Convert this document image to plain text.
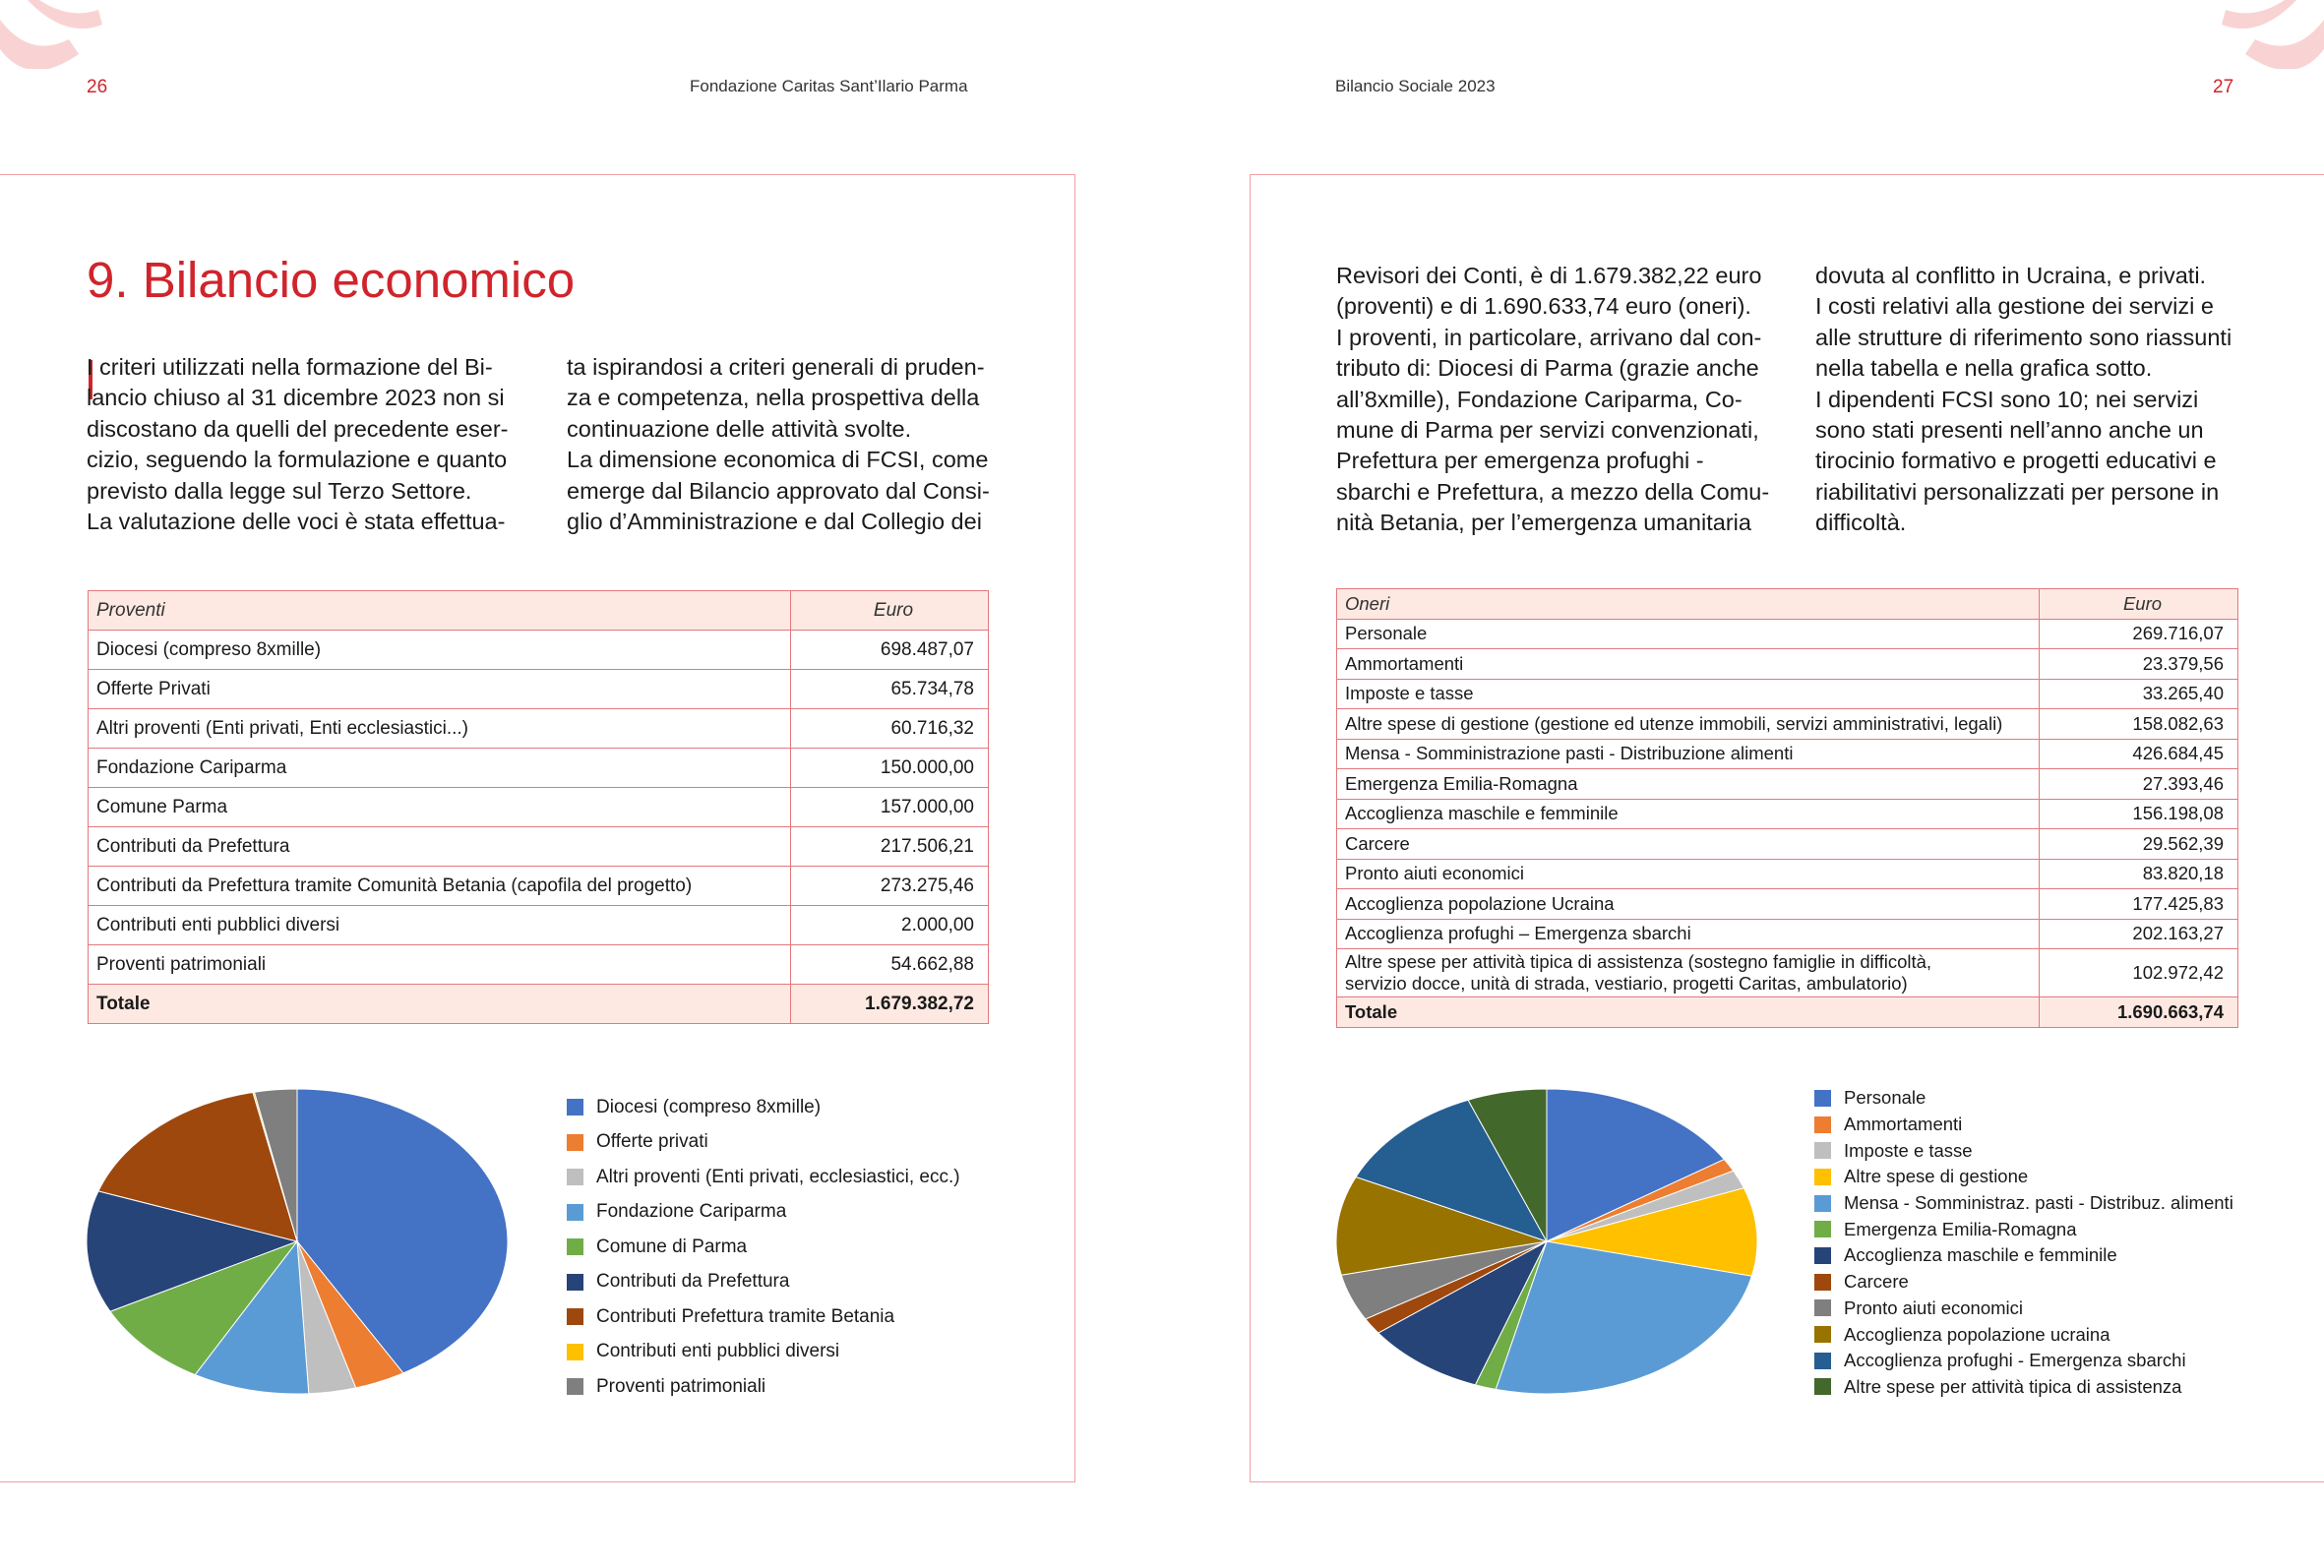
26	Fondazione Caritas Sant’Ilario Parma	Bilancio Sociale 2023	27
9. Bilancio economico
I criteri utilizzati nella formazione del Bi-
lancio chiuso al 31 dicembre 2023 non si
discostano da quelli del precedente eser-
cizio, seguendo la formulazione e quanto
previsto dalla legge sul Terzo Settore.
La valutazione delle voci è stata effettua-
ta ispirandosi a criteri generali di pruden-
za e competenza, nella prospettiva della
continuazione delle attività svolte.
La dimensione economica di FCSI, come
emerge dal Bilancio approvato dal Consi-
glio d’Amministrazione e dal Collegio dei
Revisori dei Conti, è di 1.679.382,22 euro
(proventi) e di 1.690.633,74 euro (oneri).
I proventi, in particolare, arrivano dal con-
tributo di: Diocesi di Parma (grazie anche
all’8xmille), Fondazione Cariparma, Co-
mune di Parma per servizi convenzionati,
Prefettura per emergenza profughi -
sbarchi e Prefettura, a mezzo della Comu-
nità Betania, per l’emergenza umanitaria
dovuta al conflitto in Ucraina, e privati.
I costi relativi alla gestione dei servizi e
alle strutture di riferimento sono riassunti
nella tabella e nella grafica sotto.
I dipendenti FCSI sono 10; nei servizi
sono stati presenti nell’anno anche un
tirocinio formativo e progetti educativi e
riabilitativi personalizzati per persone in
difficoltà.
Proventi	Euro
Diocesi (compreso 8xmille)	698.487,07
Offerte Privati	65.734,78
Altri proventi (Enti privati, Enti ecclesiastici...)	60.716,32
Fondazione Cariparma	150.000,00
Comune Parma	157.000,00
Contributi da Prefettura	217.506,21
Contributi da Prefettura tramite Comunità Betania (capofila del progetto)	273.275,46
Contributi enti pubblici diversi	2.000,00
Proventi patrimoniali	54.662,88
Totale	1.679.382,72
Oneri	Euro
Personale	269.716,07
Ammortamenti	23.379,56
Imposte e tasse	33.265,40
Altre spese di gestione (gestione ed utenze immobili, servizi amministrativi, legali)	158.082,63
Mensa - Somministrazione pasti - Distribuzione alimenti	426.684,45
Emergenza Emilia-Romagna	27.393,46
Accoglienza maschile e femminile	156.198,08
Carcere	29.562,39
Pronto aiuti economici	83.820,18
Accoglienza popolazione Ucraina	177.425,83
Accoglienza profughi – Emergenza sbarchi	202.163,27
Altre spese per attività tipica di assistenza (sostegno famiglie in difficoltà,
servizio docce, unità di strada, vestiario, progetti Caritas, ambulatorio)	102.972,42
Totale	1.690.663,74
Diocesi (compreso 8xmille)
Offerte privati
Altri proventi (Enti privati, ecclesiastici, ecc.)
Fondazione Cariparma
Comune di Parma
Contributi da Prefettura
Contributi Prefettura tramite Betania
Contributi enti pubblici diversi
Proventi patrimoniali
Personale
Ammortamenti
Imposte e tasse
Altre spese di gestione
Mensa - Somministraz. pasti - Distribuz. alimenti
Emergenza Emilia-Romagna
Accoglienza maschile e femminile
Carcere
Pronto aiuti economici
Accoglienza popolazione ucraina
Accoglienza profughi - Emergenza sbarchi
Altre spese per attività tipica di assistenza
